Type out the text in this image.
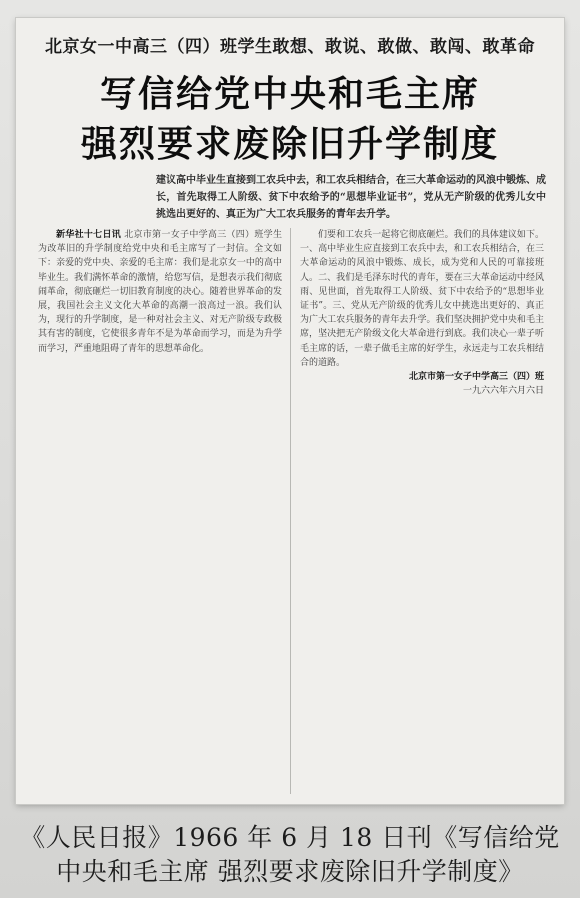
北京女一中高三（四）班学生敢想、敢说、敢做、敢闯、敢革命
写信给党中央和毛主席
强烈要求废除旧升学制度
建议高中毕业生直接到工农兵中去，和工农兵相结合，在三大革命运动的风浪中锻炼、成长，首先取得工人阶级、贫下中农给予的“思想毕业证书”，党从无产阶级的优秀儿女中挑选出更好的、真正为广大工农兵服务的青年去升学。

新华社十七日讯 北京市第一女子中学高三（四）班学生为改革旧的升学制度给党中央和毛主席写了一封信。全文如下：亲爱的党中央、亲爱的毛主席：我们是北京女一中的高中毕业生。我们满怀革命的激情，给您写信，是想表示我们彻底闹革命，彻底砸烂一切旧教育制度的决心。随着世界革命的发展，我国社会主义文化大革命的高潮一浪高过一浪。我们认为，现行的升学制度，是一种对社会主义、对无产阶级专政极其有害的制度，它使很多青年不是为革命而学习，而是为升学而学习，严重地阻碍了青年的思想革命化。

们要和工农兵一起将它彻底砸烂。我们的具体建议如下。一、高中毕业生应直接到工农兵中去，和工农兵相结合，在三大革命运动的风浪中锻炼、成长，成为党和人民的可靠接班人。二、我们是毛泽东时代的青年，要在三大革命运动中经风雨、见世面，首先取得工人阶级、贫下中农给予的“思想毕业证书”。三、党从无产阶级的优秀儿女中挑选出更好的、真正为广大工农兵服务的青年去升学。我们坚决拥护党中央和毛主席，坚决把无产阶级文化大革命进行到底。我们决心一辈子听毛主席的话，一辈子做毛主席的好学生，永远走与工农兵相结合的道路。

北京市第一女子中学高三（四）班

一九六六年六月六日

《人民日报》1966 年 6 月 18 日刊《写信给党
中央和毛主席 强烈要求废除旧升学制度》
